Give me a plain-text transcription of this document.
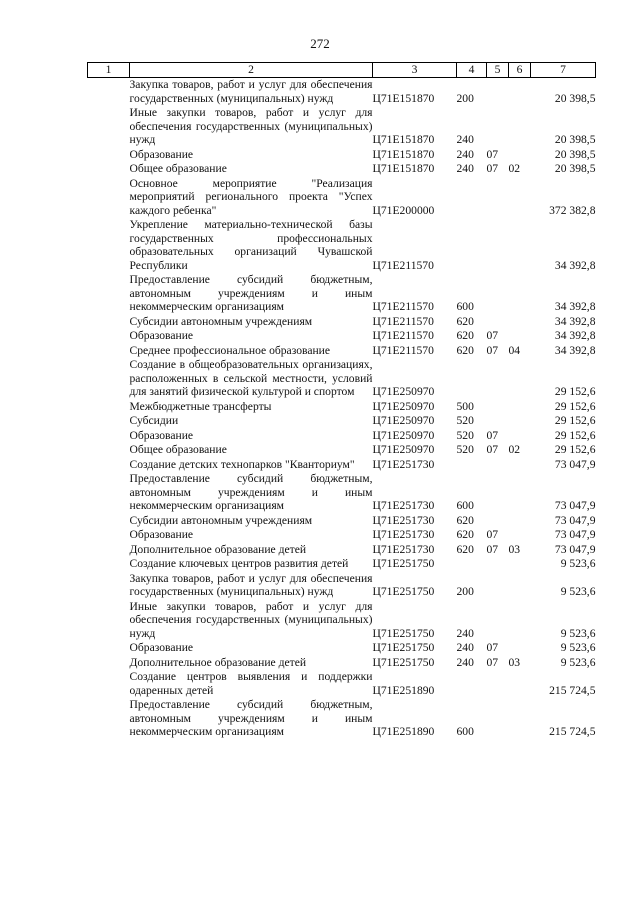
272
1	2	3	4	5	6	7
	Закупка товаров, работ и услуг для обеспечения государственных (муниципальных) нужд	Ц71Е151870	200			20 398,5
	Иные закупки товаров, работ и услуг для обеспечения государственных (муниципальных) нужд	Ц71Е151870	240			20 398,5
	Образование	Ц71Е151870	240	07		20 398,5
	Общее образование	Ц71Е151870	240	07	02	20 398,5
	Основное мероприятие "Реализация мероприятий регионального проекта "Успех каждого ребенка"	Ц71Е200000				372 382,8
	Укрепление материально-технической базы государственных профессиональных образовательных организаций Чувашской Республики	Ц71Е211570				34 392,8
	Предоставление субсидий бюджетным, автономным учреждениям и иным некоммерческим организациям	Ц71Е211570	600			34 392,8
	Субсидии автономным учреждениям	Ц71Е211570	620			34 392,8
	Образование	Ц71Е211570	620	07		34 392,8
	Среднее профессиональное образование	Ц71Е211570	620	07	04	34 392,8
	Создание в общеобразовательных организациях, расположенных в сельской местности, условий для занятий физической культурой и спортом	Ц71Е250970				29 152,6
	Межбюджетные трансферты	Ц71Е250970	500			29 152,6
	Субсидии	Ц71Е250970	520			29 152,6
	Образование	Ц71Е250970	520	07		29 152,6
	Общее образование	Ц71Е250970	520	07	02	29 152,6
	Создание детских технопарков "Кванториум"	Ц71Е251730				73 047,9
	Предоставление субсидий бюджетным, автономным учреждениям и иным некоммерческим организациям	Ц71Е251730	600			73 047,9
	Субсидии автономным учреждениям	Ц71Е251730	620			73 047,9
	Образование	Ц71Е251730	620	07		73 047,9
	Дополнительное образование детей	Ц71Е251730	620	07	03	73 047,9
	Создание ключевых центров развития детей	Ц71Е251750				9 523,6
	Закупка товаров, работ и услуг для обеспечения государственных (муниципальных) нужд	Ц71Е251750	200			9 523,6
	Иные закупки товаров, работ и услуг для обеспечения государственных (муниципальных) нужд	Ц71Е251750	240			9 523,6
	Образование	Ц71Е251750	240	07		9 523,6
	Дополнительное образование детей	Ц71Е251750	240	07	03	9 523,6
	Создание центров выявления и поддержки одаренных детей	Ц71Е251890				215 724,5
	Предоставление субсидий бюджетным, автономным учреждениям и иным некоммерческим организациям	Ц71Е251890	600			215 724,5
